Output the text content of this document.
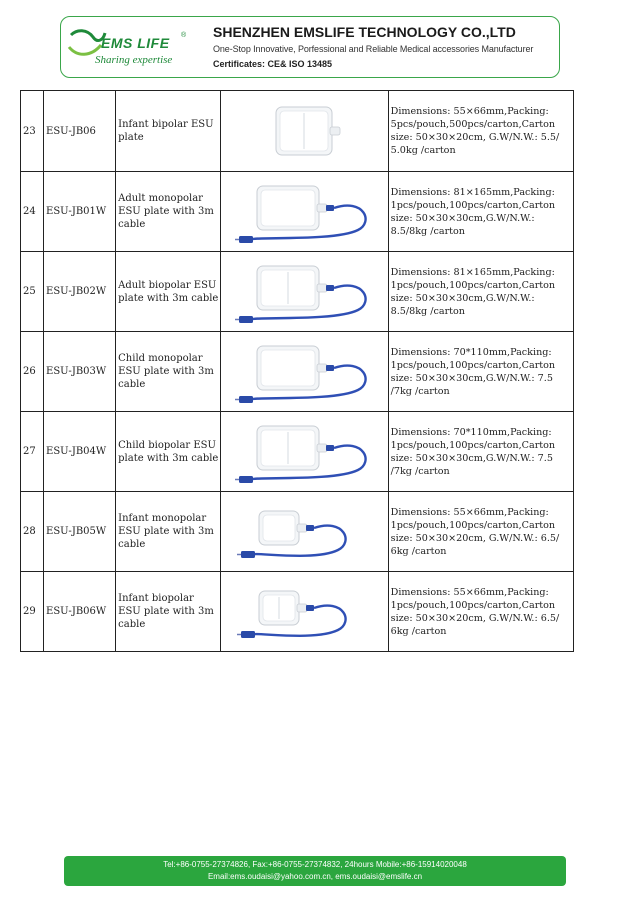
EMS LIFE ®
Sharing expertise
SHENZHEN EMSLIFE TECHNOLOGY CO.,LTD
One-Stop Innovative, Porfessional and Reliable Medical accessories Manufacturer
Certificates: CE& ISO 13485
23	ESU-JB06	Infant bipolar ESU plate		Dimensions: 55×66mm,Packing: 5pcs/pouch,500pcs/carton,Carton size: 50×30×20cm, G.W/N.W.: 5.5/ 5.0kg /carton
24	ESU-JB01W	Adult monopolar ESU plate with 3m cable		Dimensions: 81×165mm,Packing: 1pcs/pouch,100pcs/carton,Carton size: 50×30×30cm,G.W/N.W.: 8.5/8kg /carton
25	ESU-JB02W	Adult biopolar ESU plate with 3m cable		Dimensions: 81×165mm,Packing: 1pcs/pouch,100pcs/carton,Carton size: 50×30×30cm,G.W/N.W.: 8.5/8kg /carton
26	ESU-JB03W	Child monopolar ESU plate with 3m cable		Dimensions: 70*110mm,Packing: 1pcs/pouch,100pcs/carton,Carton size: 50×30×30cm,G.W/N.W.: 7.5 /7kg /carton
27	ESU-JB04W	Child biopolar ESU plate with 3m cable		Dimensions: 70*110mm,Packing: 1pcs/pouch,100pcs/carton,Carton size: 50×30×30cm,G.W/N.W.: 7.5 /7kg /carton
28	ESU-JB05W	Infant monopolar ESU plate with 3m cable		Dimensions: 55×66mm,Packing: 1pcs/pouch,100pcs/carton,Carton size: 50×30×20cm, G.W/N.W.: 6.5/ 6kg /carton
29	ESU-JB06W	Infant biopolar ESU plate with 3m cable		Dimensions: 55×66mm,Packing: 1pcs/pouch,100pcs/carton,Carton size: 50×30×20cm, G.W/N.W.: 6.5/ 6kg /carton
Tel:+86-0755-27374826, Fax:+86-0755-27374832, 24hours Mobile:+86-15914020048
Email:ems.oudaisi@yahoo.com.cn, ems.oudaisi@emslife.cn
